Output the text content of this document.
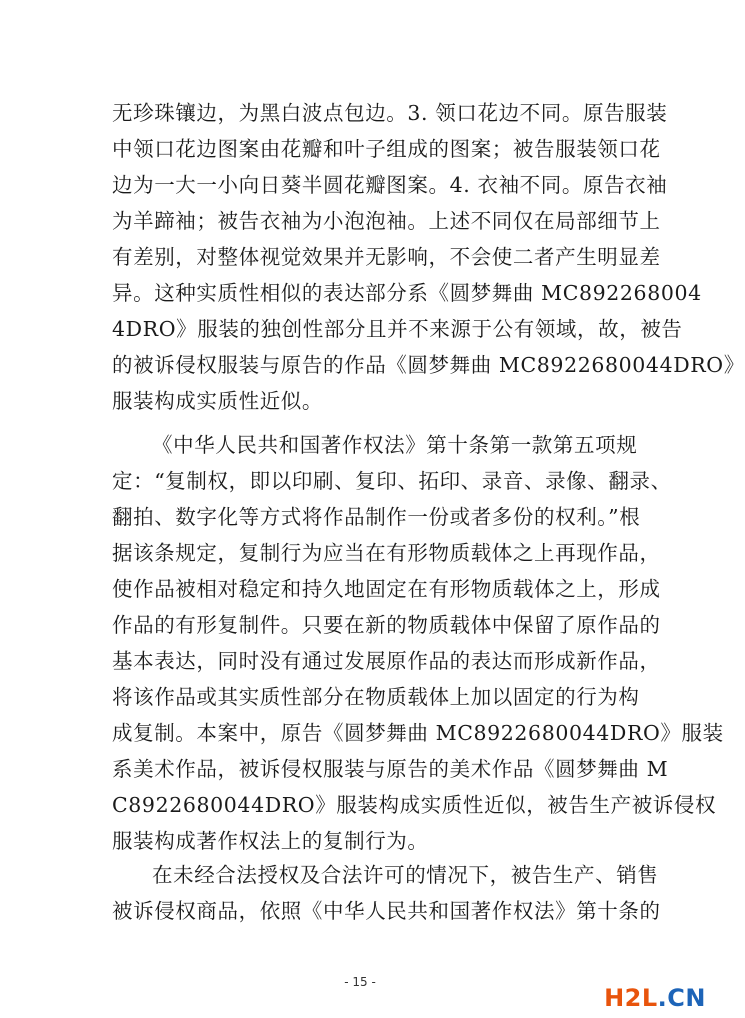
无珍珠镶边，为黑白波点包边。3. 领口花边不同。原告服装
中领口花边图案由花瓣和叶子组成的图案；被告服装领口花
边为一大一小向日葵半圆花瓣图案。4. 衣袖不同。原告衣袖
为羊蹄袖；被告衣袖为小泡泡袖。上述不同仅在局部细节上
有差别，对整体视觉效果并无影响，不会使二者产生明显差
异。这种实质性相似的表达部分系《圆梦舞曲 MC892268004
4DRO》服装的独创性部分且并不来源于公有领域，故，被告
的被诉侵权服装与原告的作品《圆梦舞曲 MC8922680044DRO》
服装构成实质性近似。
《中华人民共和国著作权法》第十条第一款第五项规
定：“复制权，即以印刷、复印、拓印、录音、录像、翻录、
翻拍、数字化等方式将作品制作一份或者多份的权利。”根
据该条规定，复制行为应当在有形物质载体之上再现作品，
使作品被相对稳定和持久地固定在有形物质载体之上，形成
作品的有形复制件。只要在新的物质载体中保留了原作品的
基本表达，同时没有通过发展原作品的表达而形成新作品，
将该作品或其实质性部分在物质载体上加以固定的行为构
成复制。本案中，原告《圆梦舞曲 MC8922680044DRO》服装
系美术作品，被诉侵权服装与原告的美术作品《圆梦舞曲 M
C8922680044DRO》服装构成实质性近似，被告生产被诉侵权
服装构成著作权法上的复制行为。
在未经合法授权及合法许可的情况下，被告生产、销售
被诉侵权商品，依照《中华人民共和国著作权法》第十条的
- 15 -
H2L.CN
